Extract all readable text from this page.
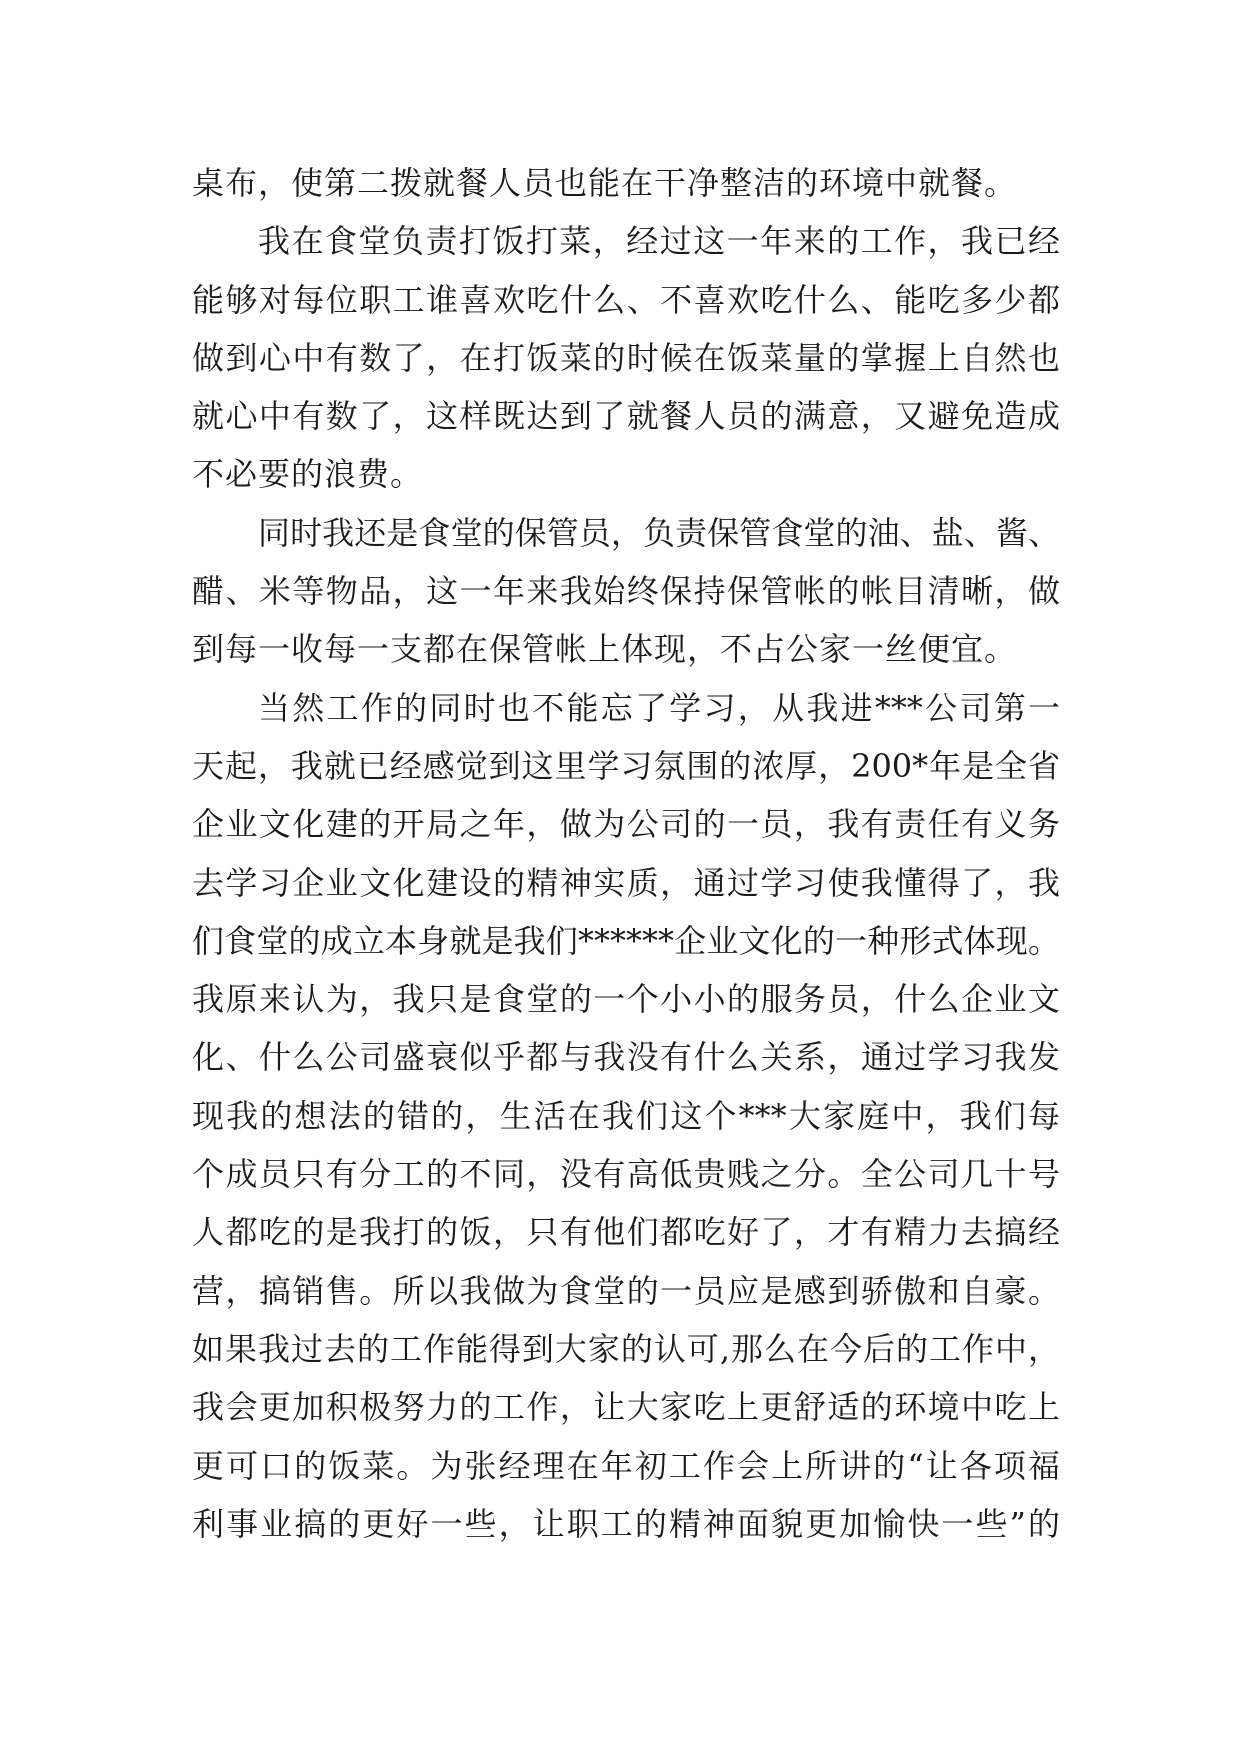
桌布，使第二拨就餐人员也能在干净整洁的环境中就餐。
我在食堂负责打饭打菜，经过这一年来的工作，我已经
能够对每位职工谁喜欢吃什么、不喜欢吃什么、能吃多少都
做到心中有数了，在打饭菜的时候在饭菜量的掌握上自然也
就心中有数了，这样既达到了就餐人员的满意，又避免造成
不必要的浪费。
同时我还是食堂的保管员，负责保管食堂的油、盐、酱、
醋、米等物品，这一年来我始终保持保管帐的帐目清晰，做
到每一收每一支都在保管帐上体现，不占公家一丝便宜。
当然工作的同时也不能忘了学习，从我进***公司第一
天起，我就已经感觉到这里学习氛围的浓厚，200*年是全省
企业文化建的开局之年，做为公司的一员，我有责任有义务
去学习企业文化建设的精神实质，通过学习使我懂得了，我
们食堂的成立本身就是我们******企业文化的一种形式体现。
我原来认为，我只是食堂的一个小小的服务员，什么企业文
化、什么公司盛衰似乎都与我没有什么关系，通过学习我发
现我的想法的错的，生活在我们这个***大家庭中，我们每
个成员只有分工的不同，没有高低贵贱之分。全公司几十号
人都吃的是我打的饭，只有他们都吃好了，才有精力去搞经
营，搞销售。所以我做为食堂的一员应是感到骄傲和自豪。
如果我过去的工作能得到大家的认可,那么在今后的工作中，
我会更加积极努力的工作，让大家吃上更舒适的环境中吃上
更可口的饭菜。为张经理在年初工作会上所讲的“让各项福
利事业搞的更好一些，让职工的精神面貌更加愉快一些”的
